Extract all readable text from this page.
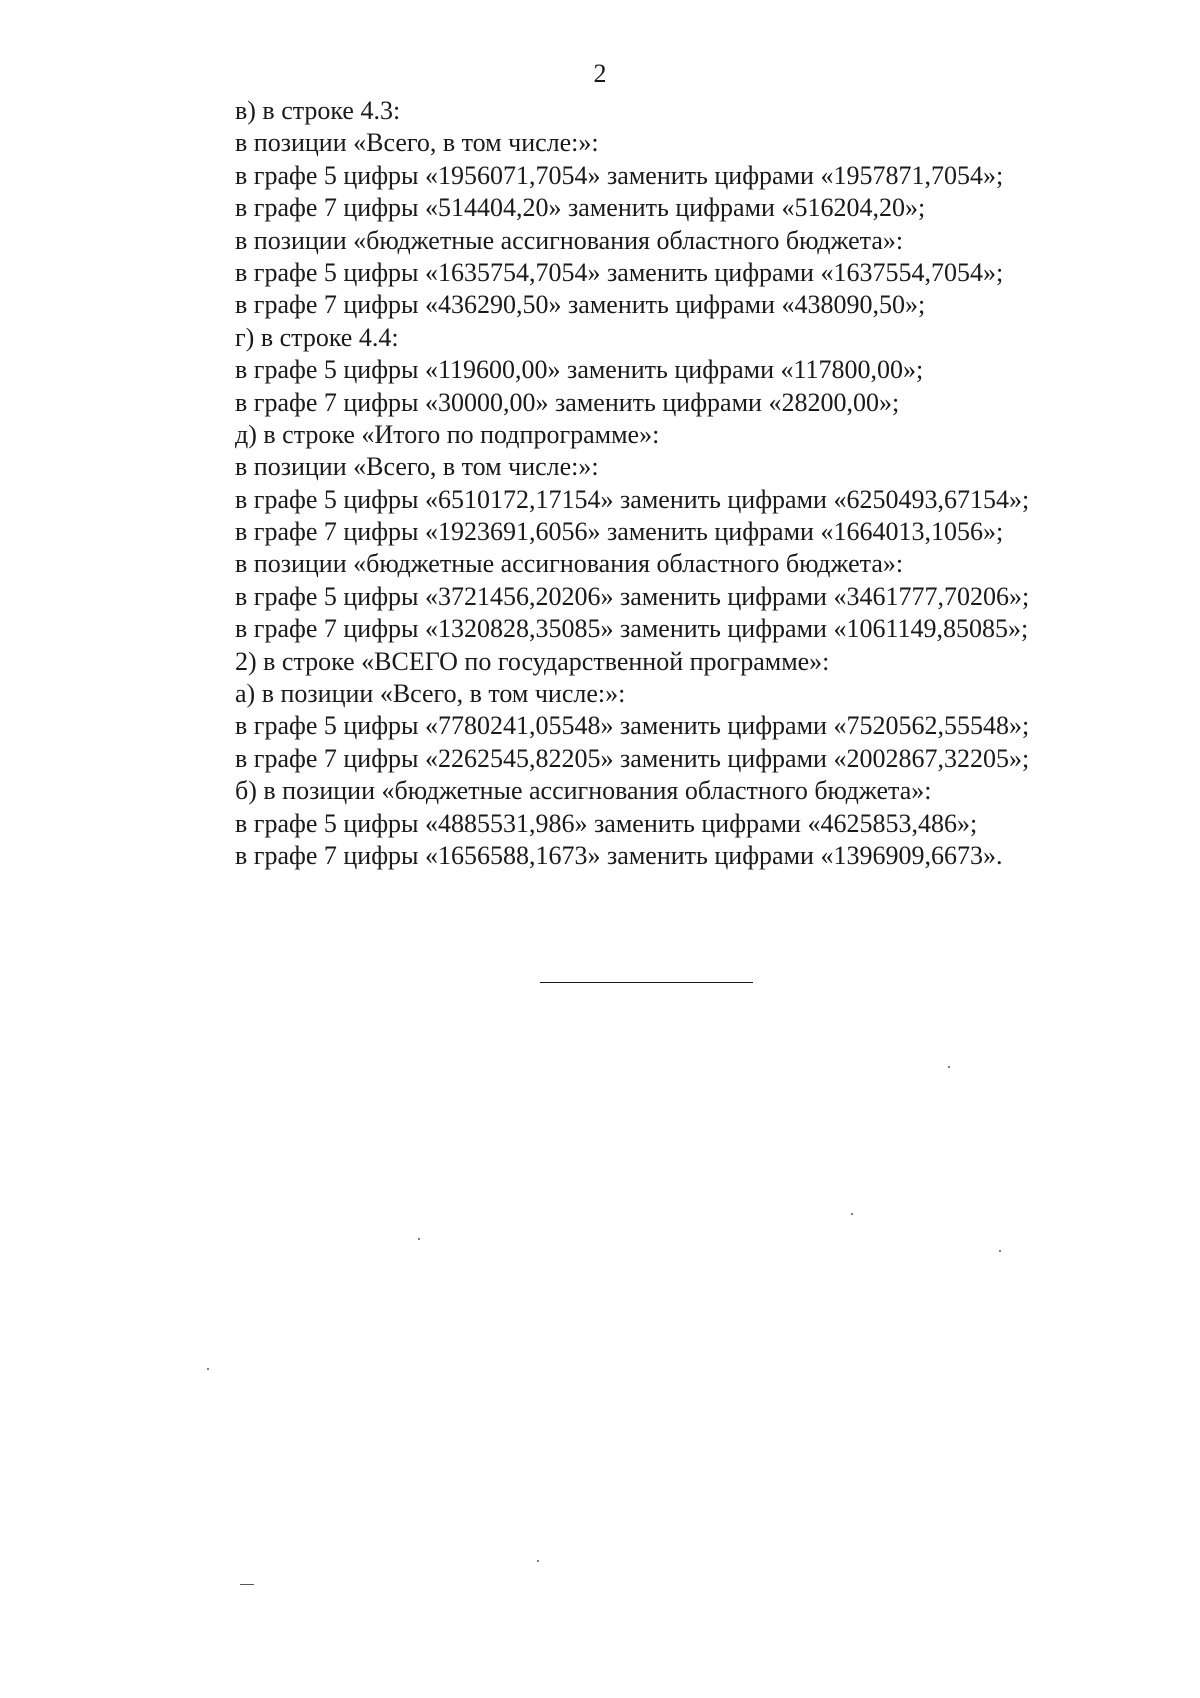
2
в) в строке 4.3:
в позиции «Всего, в том числе:»:
в графе 5 цифры «1956071,7054» заменить цифрами «1957871,7054»;
в графе 7 цифры «514404,20» заменить цифрами «516204,20»;
в позиции «бюджетные ассигнования областного бюджета»:
в графе 5 цифры «1635754,7054» заменить цифрами «1637554,7054»;
в графе 7 цифры «436290,50» заменить цифрами «438090,50»;
г) в строке 4.4:
в графе 5 цифры «119600,00» заменить цифрами «117800,00»;
в графе 7 цифры «30000,00» заменить цифрами «28200,00»;
д) в строке «Итого по подпрограмме»:
в позиции «Всего, в том числе:»:
в графе 5 цифры «6510172,17154» заменить цифрами «6250493,67154»;
в графе 7 цифры «1923691,6056» заменить цифрами «1664013,1056»;
в позиции «бюджетные ассигнования областного бюджета»:
в графе 5 цифры «3721456,20206» заменить цифрами «3461777,70206»;
в графе 7 цифры «1320828,35085» заменить цифрами «1061149,85085»;
2) в строке «ВСЕГО по государственной программе»:
а) в позиции «Всего, в том числе:»:
в графе 5 цифры «7780241,05548» заменить цифрами «7520562,55548»;
в графе 7 цифры «2262545,82205» заменить цифрами «2002867,32205»;
б) в позиции «бюджетные ассигнования областного бюджета»:
в графе 5 цифры «4885531,986» заменить цифрами «4625853,486»;
в графе 7 цифры «1656588,1673» заменить цифрами «1396909,6673».
